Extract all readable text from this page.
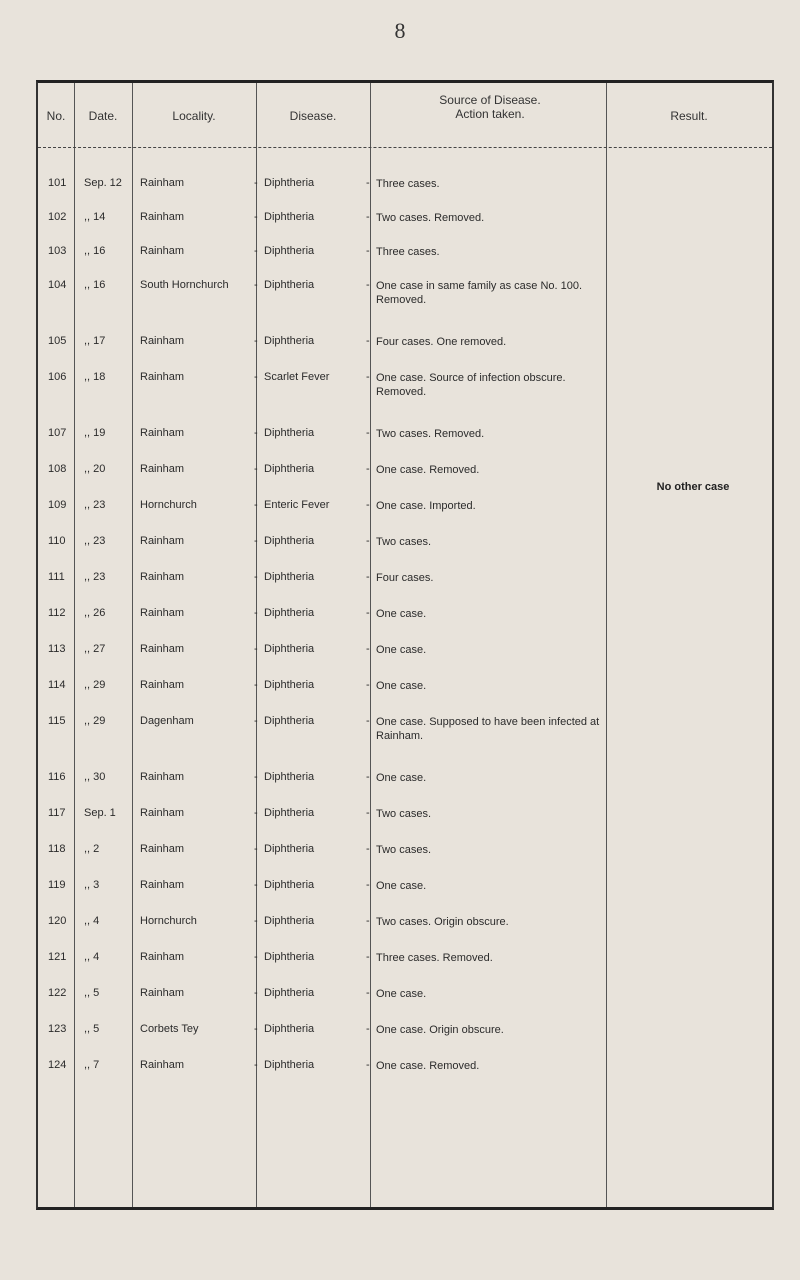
8
No.	Date.	Locality.	Disease.
Source of Disease. Action taken.	Result.
101 Sep. 12 Rainham	Diphtheria	Three cases.
-	-
102 ,, 14	Rainham	Diphtheria	Two cases. Removed.
-	-
103 ,, 16	Rainham	Diphtheria	Three cases.
-	-
104 ,, 16	South Hornchurch	Diphtheria	One case in same family as case No. 100. Removed.
-	-
105 ,, 17	Rainham	Diphtheria	Four cases. One removed.
-	-
106 ,, 18	Rainham	Scarlet Fever	One case. Source of infection obscure. Removed.
-	-
107 ,, 19	Rainham	Diphtheria	Two cases. Removed.
-	-
108 ,, 20	Rainham	Diphtheria	One case. Removed.
-	-
109 ,, 23	Hornchurch	Enteric Fever	One case. Imported.
-	-
110 ,, 23	Rainham	Diphtheria	Two cases.
-	-
111 ,, 23	Rainham	Diphtheria	Four cases.
-	-
112 ,, 26	Rainham	Diphtheria	One case.
-	-
113 ,, 27	Rainham	Diphtheria	One case.
-	-
114 ,, 29	Rainham	Diphtheria	One case.
-	-
115 ,, 29	Dagenham	Diphtheria	One case. Supposed to have been infected at Rainham.
-	-
116 ,, 30	Rainham	Diphtheria	One case.
-	-
117 Sep. 1 Rainham	Diphtheria	Two cases.
-	-
118 ,, 2	Rainham	Diphtheria	Two cases.
-	-
119 ,, 3	Rainham	Diphtheria	One case.
-	-
120 ,, 4	Hornchurch	Diphtheria	Two cases. Origin obscure.
-	-
121 ,, 4	Rainham	Diphtheria	Three cases. Removed.
-	-
122 ,, 5	Rainham	Diphtheria	One case.
-	-
123 ,, 5	Corbets Tey	Diphtheria	One case. Origin obscure.
-	-
124 ,, 7	Rainham	Diphtheria	One case. Removed.
-	-
No other case
